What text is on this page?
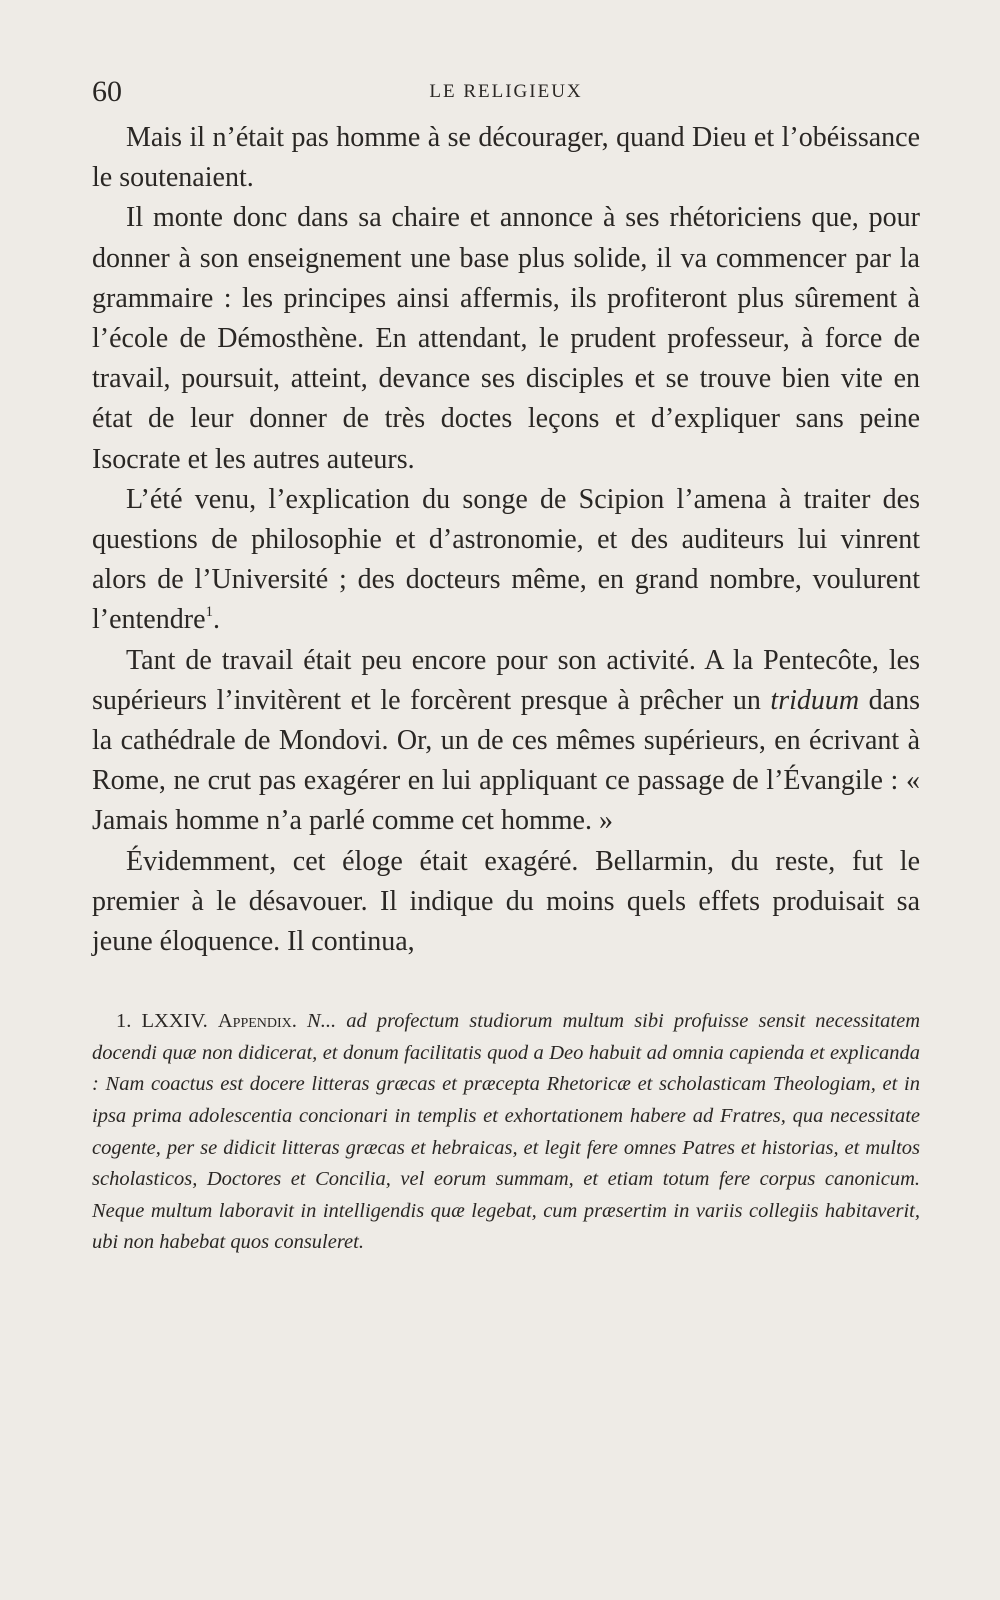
60	LE RELIGIEUX

Mais il n’était pas homme à se décourager, quand Dieu et l’obéissance le soutenaient.

Il monte donc dans sa chaire et annonce à ses rhétoriciens que, pour donner à son enseignement une base plus solide, il va commencer par la grammaire : les principes ainsi affermis, ils profiteront plus sûrement à l’école de Démosthène. En attendant, le prudent professeur, à force de travail, poursuit, atteint, devance ses disciples et se trouve bien vite en état de leur donner de très doctes leçons et d’expliquer sans peine Isocrate et les autres auteurs.

L’été venu, l’explication du songe de Scipion l’amena à traiter des questions de philosophie et d’astronomie, et des auditeurs lui vinrent alors de l’Université ; des docteurs même, en grand nombre, voulurent l’entendre$^1$.

Tant de travail était peu encore pour son activité. A la Pentecôte, les supérieurs l’invitèrent et le forcèrent presque à prêcher un triduum dans la cathédrale de Mondovi. Or, un de ces mêmes supérieurs, en écrivant à Rome, ne crut pas exagérer en lui appliquant ce passage de l’Évangile : « Jamais homme n’a parlé comme cet homme. »

Évidemment, cet éloge était exagéré. Bellarmin, du reste, fut le premier à le désavouer. Il indique du moins quels effets produisait sa jeune éloquence. Il continua,

1. LXXIV. Appendix. N... ad profectum studiorum multum sibi profuisse sensit necessitatem docendi quæ non didicerat, et donum facilitatis quod a Deo habuit ad omnia capienda et explicanda : Nam coactus est docere litteras græcas et præcepta Rhetoricæ et scholasticam Theologiam, et in ipsa prima adolescentia concionari in templis et exhortationem habere ad Fratres, qua necessitate cogente, per se didicit litteras græcas et hebraicas, et legit fere omnes Patres et historias, et multos scholasticos, Doctores et Concilia, vel eorum summam, et etiam totum fere corpus canonicum. Neque multum laboravit in intelligendis quæ legebat, cum præsertim in variis collegiis habitaverit, ubi non habebat quos consuleret.
